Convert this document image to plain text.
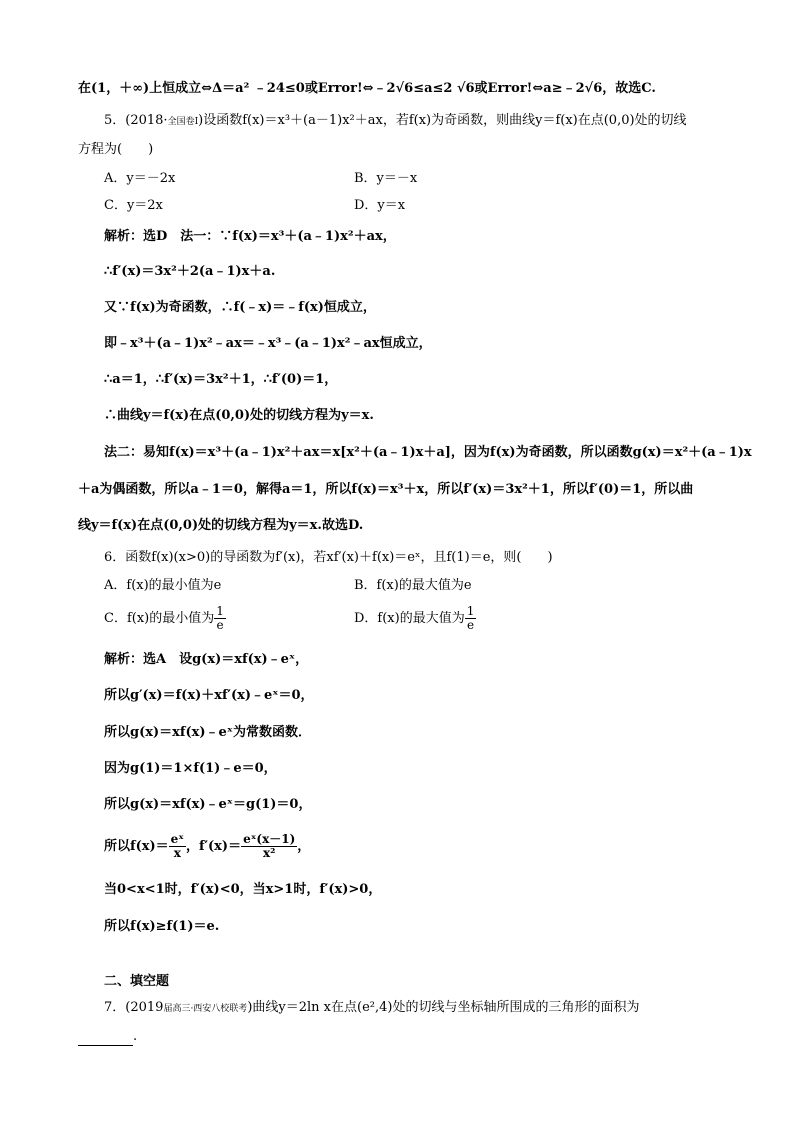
在(1，＋∞)上恒成立⇔Δ＝a² ﹣24≤0或Error!⇔﹣2√6≤a≤2 √6或Error!⇔a≥﹣2√6，故选C.
5．(2018·全国卷Ⅰ)设函数f(x)＝x³＋(a－1)x²＋ax，若f(x)为奇函数，则曲线y＝f(x)在点(0,0)处的切线
方程为(　　)
A．y＝－2x	B．y＝－x
C．y＝2x	D．y＝x
解析：选D　法一：∵f(x)＝x³＋(a﹣1)x²＋ax，
∴f′(x)＝3x²＋2(a﹣1)x＋a.
又∵f(x)为奇函数，∴f(﹣x)＝﹣f(x)恒成立，
即﹣x³＋(a﹣1)x²﹣ax＝﹣x³﹣(a﹣1)x²﹣ax恒成立，
∴a＝1，∴f′(x)＝3x²＋1，∴f′(0)＝1，
∴曲线y＝f(x)在点(0,0)处的切线方程为y＝x.
法二：易知f(x)＝x³＋(a﹣1)x²＋ax＝x[x²＋(a﹣1)x＋a]，因为f(x)为奇函数，所以函数g(x)＝x²＋(a﹣1)x
＋a为偶函数，所以a﹣1＝0，解得a＝1，所以f(x)＝x³＋x，所以f′(x)＝3x²＋1，所以f′(0)＝1，所以曲
线y＝f(x)在点(0,0)处的切线方程为y＝x.故选D.
6．函数f(x)(x>0)的导函数为f′(x)，若xf′(x)＋f(x)＝eˣ，且f(1)＝e，则(　　)
A．f(x)的最小值为e	B．f(x)的最大值为e
C．f(x)的最小值为 $\frac{1}{e}$	D．f(x)的最大值为 $\frac{1}{e}$
解析：选A　设g(x)＝xf(x)﹣eˣ，
所以g′(x)＝f(x)＋xf′(x)﹣eˣ＝0，
所以g(x)＝xf(x)﹣eˣ为常数函数．
因为g(1)＝1×f(1)﹣e＝0，
所以g(x)＝xf(x)﹣eˣ＝g(1)＝0，
所以$f(x)= \frac{\text{eˣ}}{x}$ ，$f'(x)= \frac{\text{eˣ(x－1)}}{\text{x²}}$ ，
当0<x<1时，f′(x)<0，当x>1时，f′(x)>0，
所以f(x)≥f(1)＝e.
二、填空题
7．(2019届高三·西安八校联考)曲线y＝2ln x在点(e²,4)处的切线与坐标轴所围成的三角形的面积为
.
